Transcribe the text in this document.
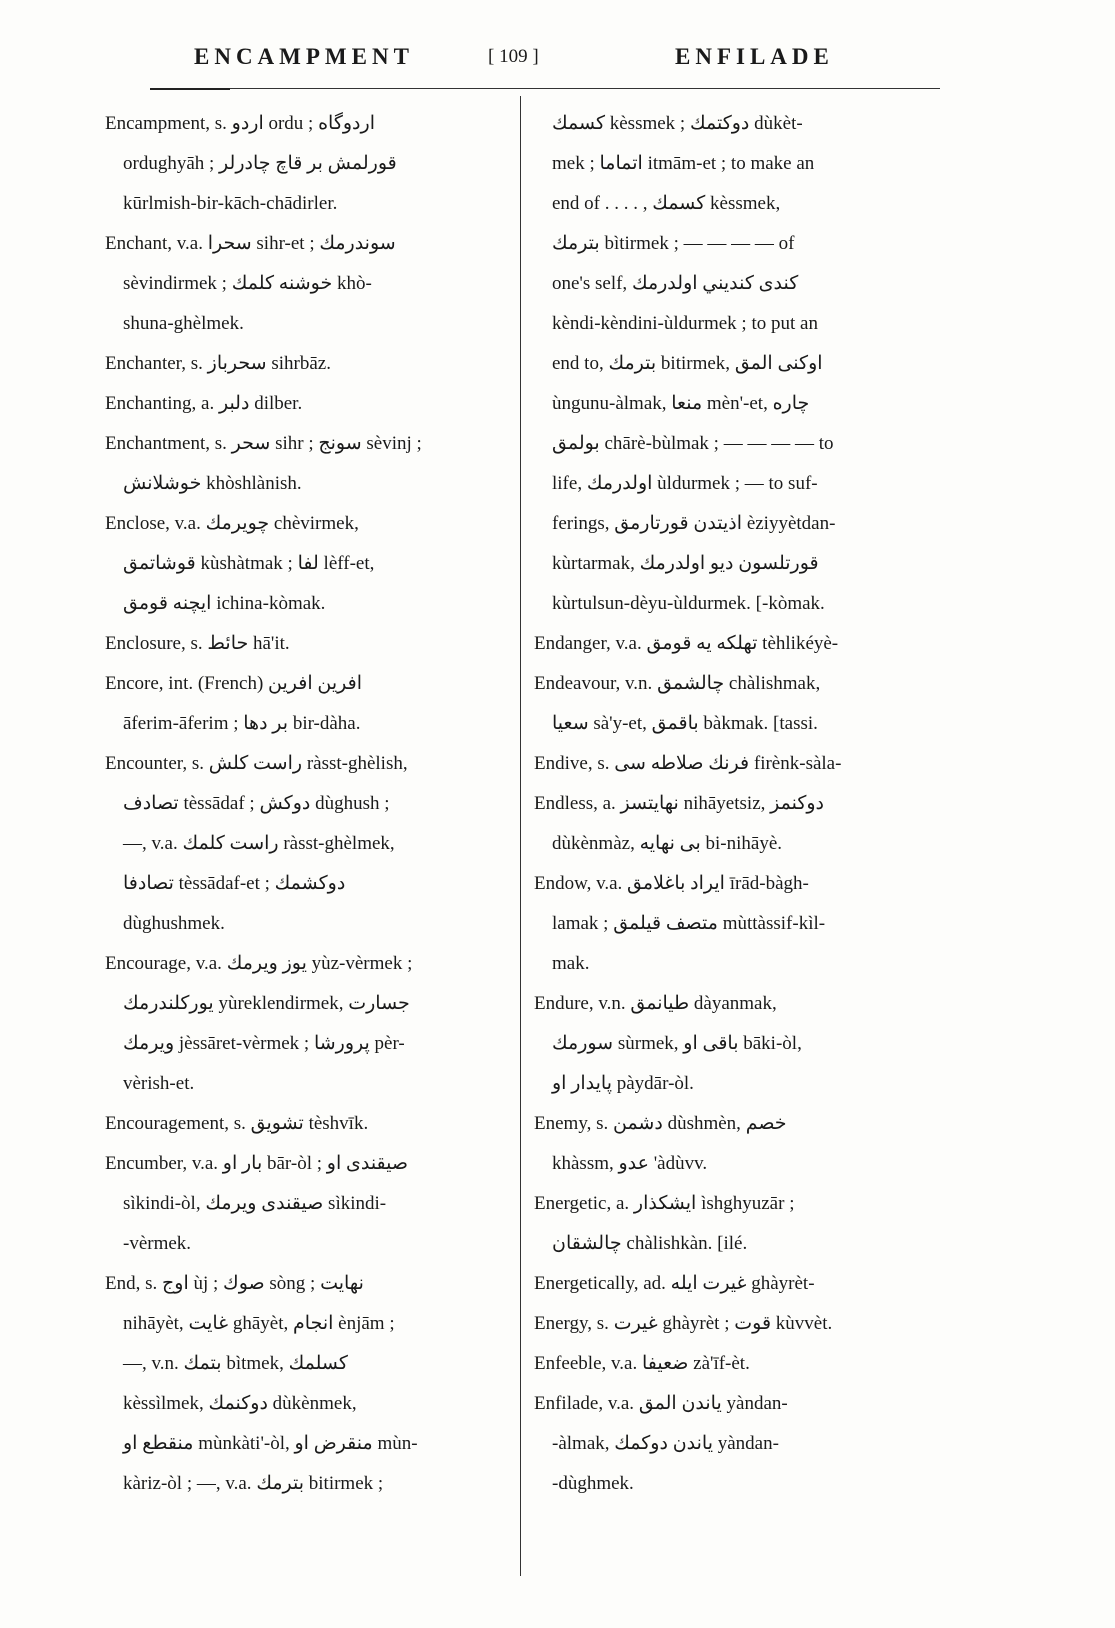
ENCAMPMENT	[ 109 ]	ENFILADE
Encampment, s. اردو ordu ; اردوگاه
ordughyāh ; قورلمش بر قاچ چادرلر
kūrlmish-bir-kāch-chādirler.
Enchant, v.a. سحرا sihr-et ; سوندرمك
sèvindirmek ; خوشنه كلمك khò-
shuna-ghèlmek.
Enchanter, s. سحرباز sihrbāz.
Enchanting, a. دلبر dilber.
Enchantment, s. سحر sihr ; سونج sèvinj ;
خوشلانش khòshlànish.
Enclose, v.a. چويرمك chèvirmek,
قوشاتمق kùshàtmak ; لفا lèff-et,
ايچنه قومق ichina-kòmak.
Enclosure, s. حائط hā'it.
Encore, int. (French) افرين افرين
āferim-āferim ; بر دها bir-dàha.
Encounter, s. راست كلش ràsst-ghèlish,
تصادف tèssādaf ; دوكش dùghush ;
—, v.a. راست كلمك ràsst-ghèlmek,
تصادفا tèssādaf-et ; دوكشمك
dùghushmek.
Encourage, v.a. يوز ويرمك yùz-vèrmek ;
يوركلندرمك yùreklendirmek, جسارت
ويرمك jèssāret-vèrmek ; پرورشا pèr-
vèrish-et.
Encouragement, s. تشويق tèshvīk.
Encumber, v.a. بار او bār-òl ; صيقندى او
sìkindi-òl, صيقندى ويرمك sìkindi-
-vèrmek.
End, s. اوج ùj ; صوك sòng ; نهايت
nihāyèt, غايت ghāyèt, انجام ènjām ;
—, v.n. بتمك bìtmek, كسلمك
kèssìlmek, دوكنمك dùkènmek,
منقطع او mùnkàti'-òl, منقرض او mùn-
kàriz-òl ; —, v.a. بترمك bitirmek ;
كسمك kèssmek ; دوكتمك dùkèt-
mek ; اتماما itmām-et ; to make an
end of . . . . , كسمك kèssmek,
بترمك bìtirmek ; — — — — of
one's self, كندى كنديني اولدرمك
kèndi-kèndini-ùldurmek ; to put an
end to, بترمك bitirmek, اوكنى المق
ùngunu-àlmak, منعا mèn'-et, چاره
بولمق chārè-bùlmak ; — — — — to
life, اولدرمك ùldurmek ; — to suf-
ferings, اذيتدن قورتارمق èziyyètdan-
kùrtarmak, قورتلسون ديو اولدرمك
kùrtulsun-dèyu-ùldurmek. [-kòmak.
Endanger, v.a. تهلكه يه قومق tèhlikéyè-
Endeavour, v.n. چالشمق chàlishmak,
سعيا sà'y-et, باقمق bàkmak. [tassi.
Endive, s. فرنك صلاطه سى firènk-sàla-
Endless, a. نهايتسز nihāyetsiz, دوكنمز
dùkènmàz, بى نهايه bi-nihāyè.
Endow, v.a. ايراد باغلامق īrād-bàgh-
lamak ; متصف قيلمق mùttàssif-kìl-
mak.
Endure, v.n. طيانمق dàyanmak,
سورمك sùrmek, باقى او bāki-òl,
پايدار او pàydār-òl.
Enemy, s. دشمن dùshmèn, خصم
khàssm, عدو 'àdùvv.
Energetic, a. ايشكذار ìshghyuzār ;
چالشقان chàlishkàn. [ilé.
Energetically, ad. غيرت ايله ghàyrèt-
Energy, s. غيرت ghàyrèt ; قوت kùvvèt.
Enfeeble, v.a. ضعيفا zà'īf-èt.
Enfilade, v.a. ياندن المق yàndan-
-àlmak, ياندن دوكمك yàndan-
-dùghmek.
